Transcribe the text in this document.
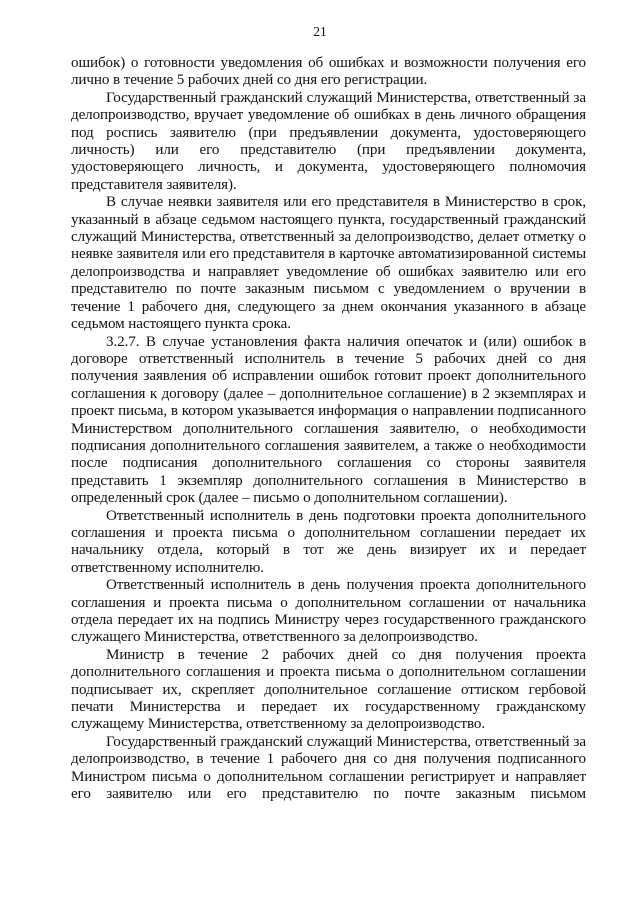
21

ошибок) о готовности уведомления об ошибках и возможности получения его лично в течение 5 рабочих дней со дня его регистрации.

Государственный гражданский служащий Министерства, ответственный за делопроизводство, вручает уведомление об ошибках в день личного обращения под роспись заявителю (при предъявлении документа, удостоверяющего личность) или его представителю (при предъявлении документа, удостоверяющего личность, и документа, удостоверяющего полномочия представителя заявителя).

В случае неявки заявителя или его представителя в Министерство в срок, указанный в абзаце седьмом настоящего пункта, государственный гражданский служащий Министерства, ответственный за делопроизводство, делает отметку о неявке заявителя или его представителя в карточке автоматизированной системы делопроизводства и направляет уведомление об ошибках заявителю или его представителю по почте заказным письмом с уведомлением о вручении в течение 1 рабочего дня, следующего за днем окончания указанного в абзаце седьмом настоящего пункта срока.

3.2.7. В случае установления факта наличия опечаток и (или) ошибок в договоре ответственный исполнитель в течение 5 рабочих дней со дня получения заявления об исправлении ошибок готовит проект дополнительного соглашения к договору (далее – дополнительное соглашение) в 2 экземплярах и проект письма, в котором указывается информация о направлении подписанного Министерством дополнительного соглашения заявителю, о необходимости подписания дополнительного соглашения заявителем, а также о необходимости после подписания дополнительного соглашения со стороны заявителя представить 1 экземпляр дополнительного соглашения в Министерство в определенный срок (далее – письмо о дополнительном соглашении).

Ответственный исполнитель в день подготовки проекта дополнительного соглашения и проекта письма о дополнительном соглашении передает их начальнику отдела, который в тот же день визирует их и передает ответственному исполнителю.

Ответственный исполнитель в день получения проекта дополнительного соглашения и проекта письма о дополнительном соглашении от начальника отдела передает их на подпись Министру через государственного гражданского служащего Министерства, ответственного за делопроизводство.

Министр в течение 2 рабочих дней со дня получения проекта дополнительного соглашения и проекта письма о дополнительном соглашении подписывает их, скрепляет дополнительное соглашение оттиском гербовой печати Министерства и передает их государственному гражданскому служащему Министерства, ответственному за делопроизводство.

Государственный гражданский служащий Министерства, ответственный за делопроизводство, в течение 1 рабочего дня со дня получения подписанного Министром письма о дополнительном соглашении регистрирует и направляет его заявителю или его представителю по почте заказным письмом
